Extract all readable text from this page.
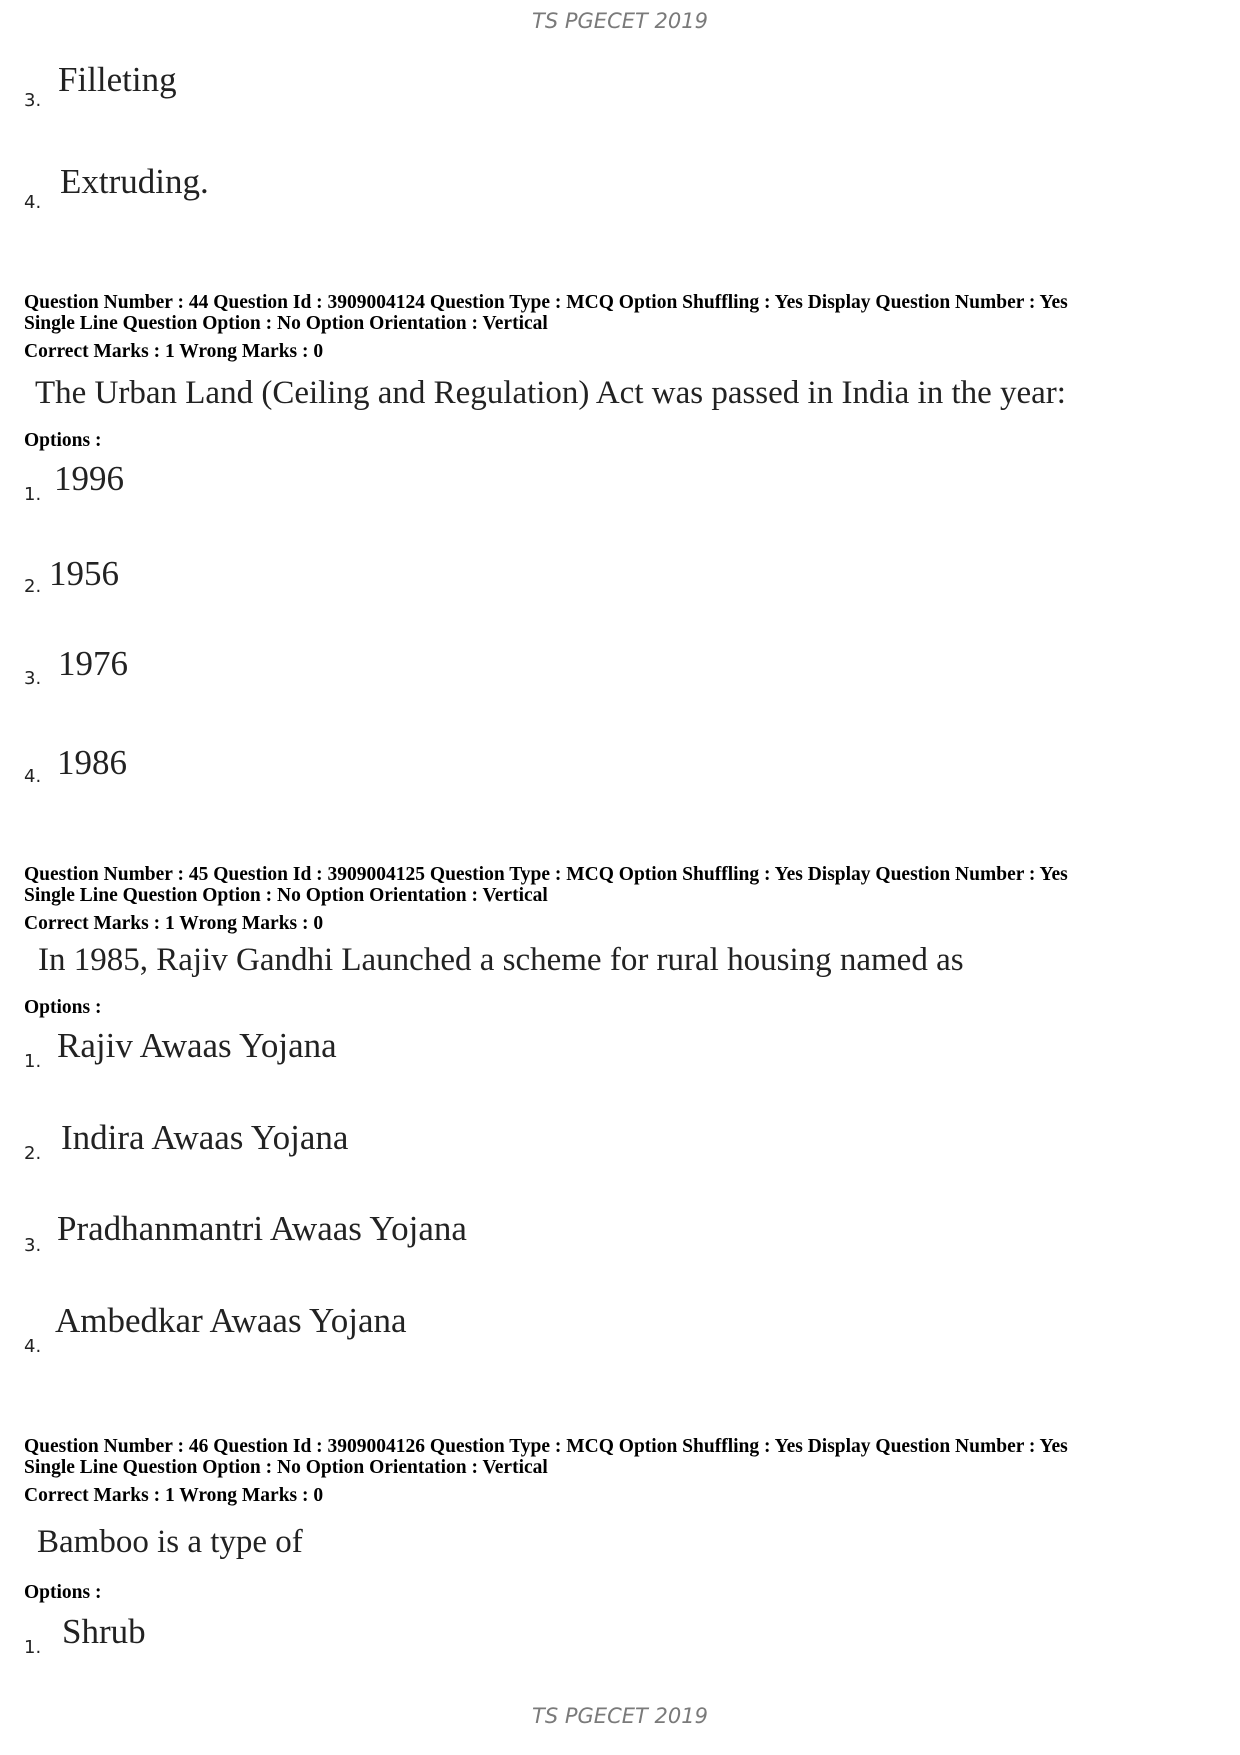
TS PGECET 2019
3.
Filleting
4.
Extruding.
Question Number : 44 Question Id : 3909004124 Question Type : MCQ Option Shuffling : Yes Display Question Number : Yes
Single Line Question Option : No Option Orientation : Vertical
Correct Marks : 1 Wrong Marks : 0
The Urban Land (Ceiling and Regulation) Act was passed in India in the year:
Options :
1. 1996
2. 1956
3. 1976
4. 1986
Question Number : 45 Question Id : 3909004125 Question Type : MCQ Option Shuffling : Yes Display Question Number : Yes
Single Line Question Option : No Option Orientation : Vertical
Correct Marks : 1 Wrong Marks : 0
In 1985, Rajiv Gandhi Launched a scheme for rural housing named as
Options :
1. Rajiv Awaas Yojana
2. Indira Awaas Yojana
3. Pradhanmantri Awaas Yojana
4.
Ambedkar Awaas Yojana
Question Number : 46 Question Id : 3909004126 Question Type : MCQ Option Shuffling : Yes Display Question Number : Yes
Single Line Question Option : No Option Orientation : Vertical
Correct Marks : 1 Wrong Marks : 0
Bamboo is a type of
Options :
1. Shrub
TS PGECET 2019
